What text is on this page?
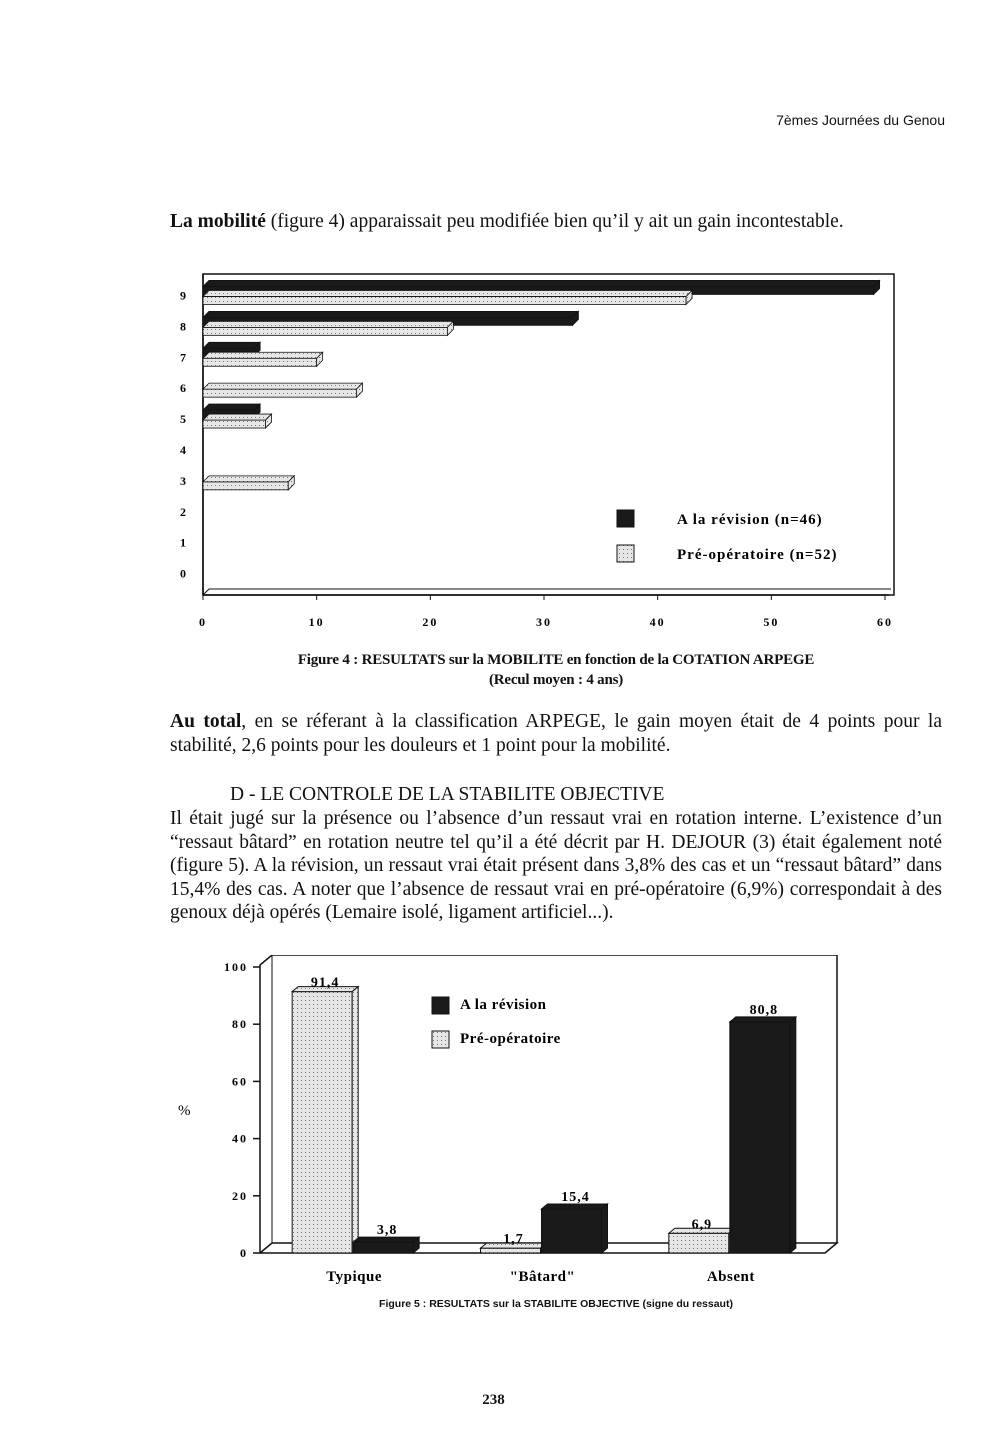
7èmes Journées du Genou
La mobilité (figure 4) apparaissait peu modifiée bien qu’il y ait un gain incontestable.
0	10	20	30	40	50	60
0
1
2
3
4
5
6
7
8
9
A la révision (n=46)
Pré-opératoire (n=52)
Figure 4 : RESULTATS sur la MOBILITE en fonction de la COTATION ARPEGE
(Recul moyen : 4 ans)
Au total, en se réferant à la classification ARPEGE, le gain moyen était de 4 points pour la stabilité, 2,6 points pour les douleurs et 1 point pour la mobilité.
D - LE CONTROLE DE LA STABILITE OBJECTIVE
Il était jugé sur la présence ou l’absence d’un ressaut vrai en rotation interne. L’existence d’un “ressaut bâtard” en rotation neutre tel qu’il a été décrit par H. DEJOUR (3) était également noté (figure 5). A la révision, un ressaut vrai était présent dans 3,8% des cas et un “ressaut bâtard” dans 15,4% des cas. A noter que l’absence de ressaut vrai en pré-opératoire (6,9%) correspondait à des genoux déjà opérés (Lemaire isolé, ligament artificiel...).
0
20
40
60
80
100
%
91,4
3,8
Typique
1,7
15,4
"Bâtard"
6,9
80,8
Absent
A la révision
Pré-opératoire
Figure 5 : RESULTATS sur la STABILITE OBJECTIVE (signe du ressaut)
238
